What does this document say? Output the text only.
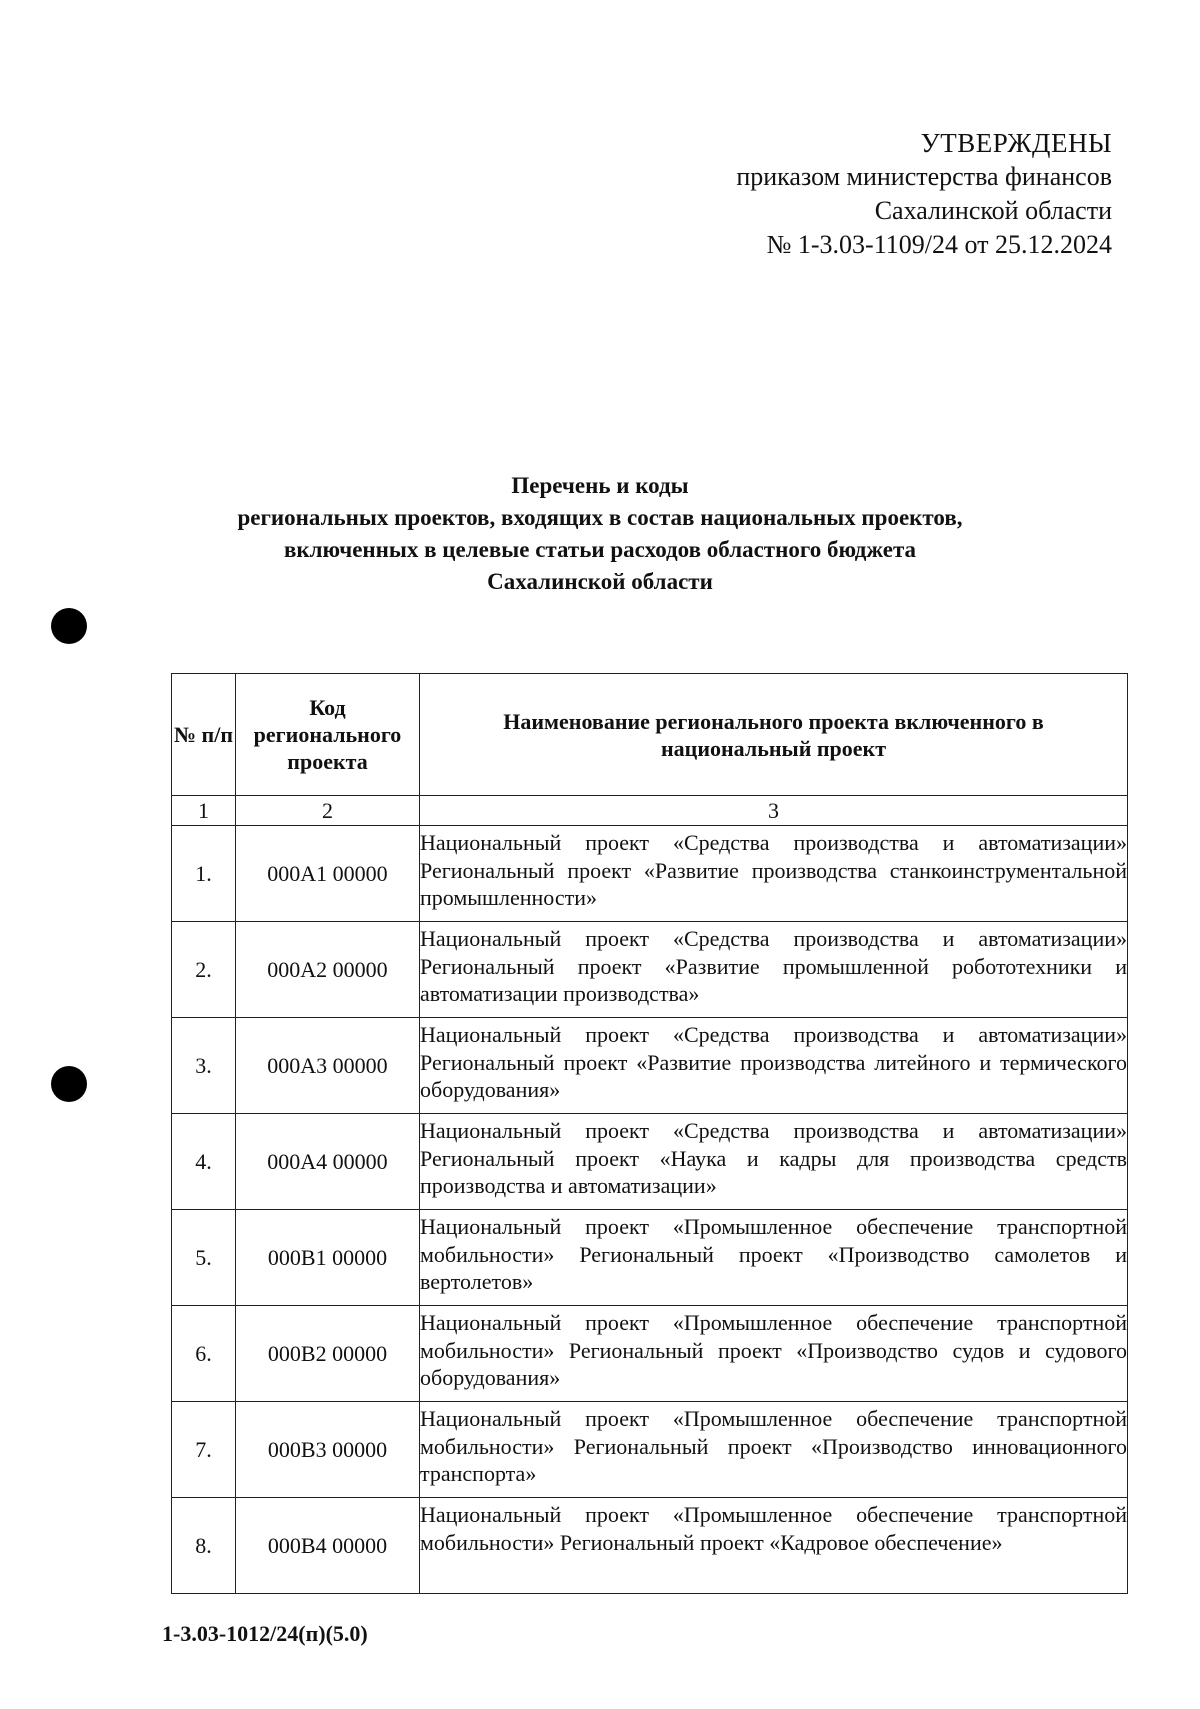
УТВЕРЖДЕНЫ
приказом министерства финансов
Сахалинской области
№ 1-3.03-1109/24 от 25.12.2024
Перечень и коды
региональных проектов, входящих в состав национальных проектов,
включенных в целевые статьи расходов областного бюджета
Сахалинской области
№ п/п	Код регионального проекта	Наименование регионального проекта включенного в национальный проект
1	2	3
1.	000А1 00000	Национальный проект «Средства производства и автоматизации» Региональный проект «Развитие производства станкоинструментальной промышленности»

2.	000А2 00000	Национальный проект «Средства производства и автоматизации» Региональный проект «Развитие промышленной робототехники и автоматизации производства»

3.	000А3 00000	Национальный проект «Средства производства и автоматизации» Региональный проект «Развитие производства литейного и термического оборудования»

4.	000А4 00000	Национальный проект «Средства производства и автоматизации» Региональный проект «Наука и кадры для производства средств производства и автоматизации»

5.	000В1 00000	Национальный проект «Промышленное обеспечение транспортной мобильности» Региональный проект «Производство самолетов и вертолетов»

6.	000В2 00000	Национальный проект «Промышленное обеспечение транспортной мобильности» Региональный проект «Производство судов и судового оборудования»

7.	000В3 00000	Национальный проект «Промышленное обеспечение транспортной мобильности» Региональный проект «Производство инновационного транспорта»

8.	000В4 00000	Национальный проект «Промышленное обеспечение транспортной мобильности» Региональный проект «Кадровое обеспечение»
1-3.03-1012/24(п)(5.0)
